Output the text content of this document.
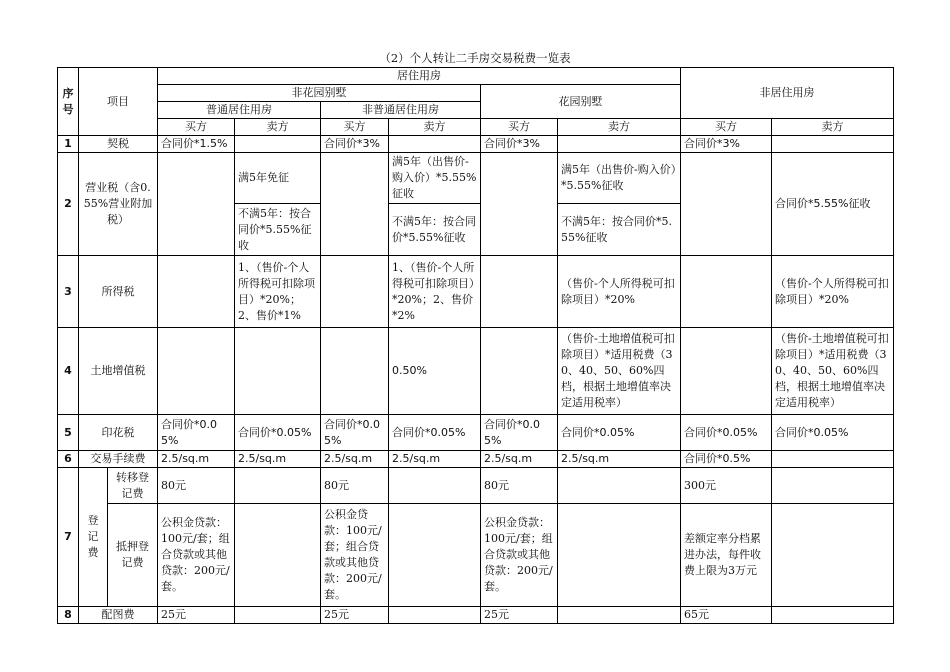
（2）个人转让二手房交易税费一览表
序号	项目		居住用房						非居住用房	
			非花园别墅				花园别墅			
			普通居住用房		非普通居住用房					
			买方	卖方	买方	卖方	买方	卖方	买方	卖方
1	契税		合同价*1.5%		合同价*3%		合同价*3%		合同价*3%	
2	营业税（含0.55%营业附加税）			满5年免征		满5年（出售价-购入价）*5.55%征收		满5年（出售价-购入价）*5.55%征收		合同价*5.55%征收
				不满5年：按合同价*5.55%征收		不满5年：按合同价*5.55%征收		不满5年：按合同价*5.55%征收		
3	所得税			1、（售价-个人所得税可扣除项目）*20%；2、售价*1%		1、（售价-个人所得税可扣除项目）*20%；2、售价*2%		（售价-个人所得税可扣除项目）*20%		（售价-个人所得税可扣除项目）*20%
4	土地增值税					0.50%		（售价-土地增值税可扣除项目）*适用税费（30、40、50、60%四档，根据土地增值率决定适用税率）		（售价-土地增值税可扣除项目）*适用税费（30、40、50、60%四档，根据土地增值率决定适用税率）
5	印花税		合同价*0.05%	合同价*0.05%	合同价*0.05%	合同价*0.05%	合同价*0.05%	合同价*0.05%	合同价*0.05%	合同价*0.05%
6	交易手续费		2.5/sq.m	2.5/sq.m	2.5/sq.m	2.5/sq.m	2.5/sq.m	2.5/sq.m	合同价*0.5%	
7	登记费	转移登记费	80元		80元		80元		300元	
		抵押登记费	公积金贷款：100元/套；组合贷款或其他贷款：200元/套。		公积金贷款：100元/套；组合贷款或其他贷款：200元/套。		公积金贷款：100元/套；组合贷款或其他贷款：200元/套。		差额定率分档累进办法，每件收费上限为3万元	
8	配图费		25元		25元		25元		65元	
